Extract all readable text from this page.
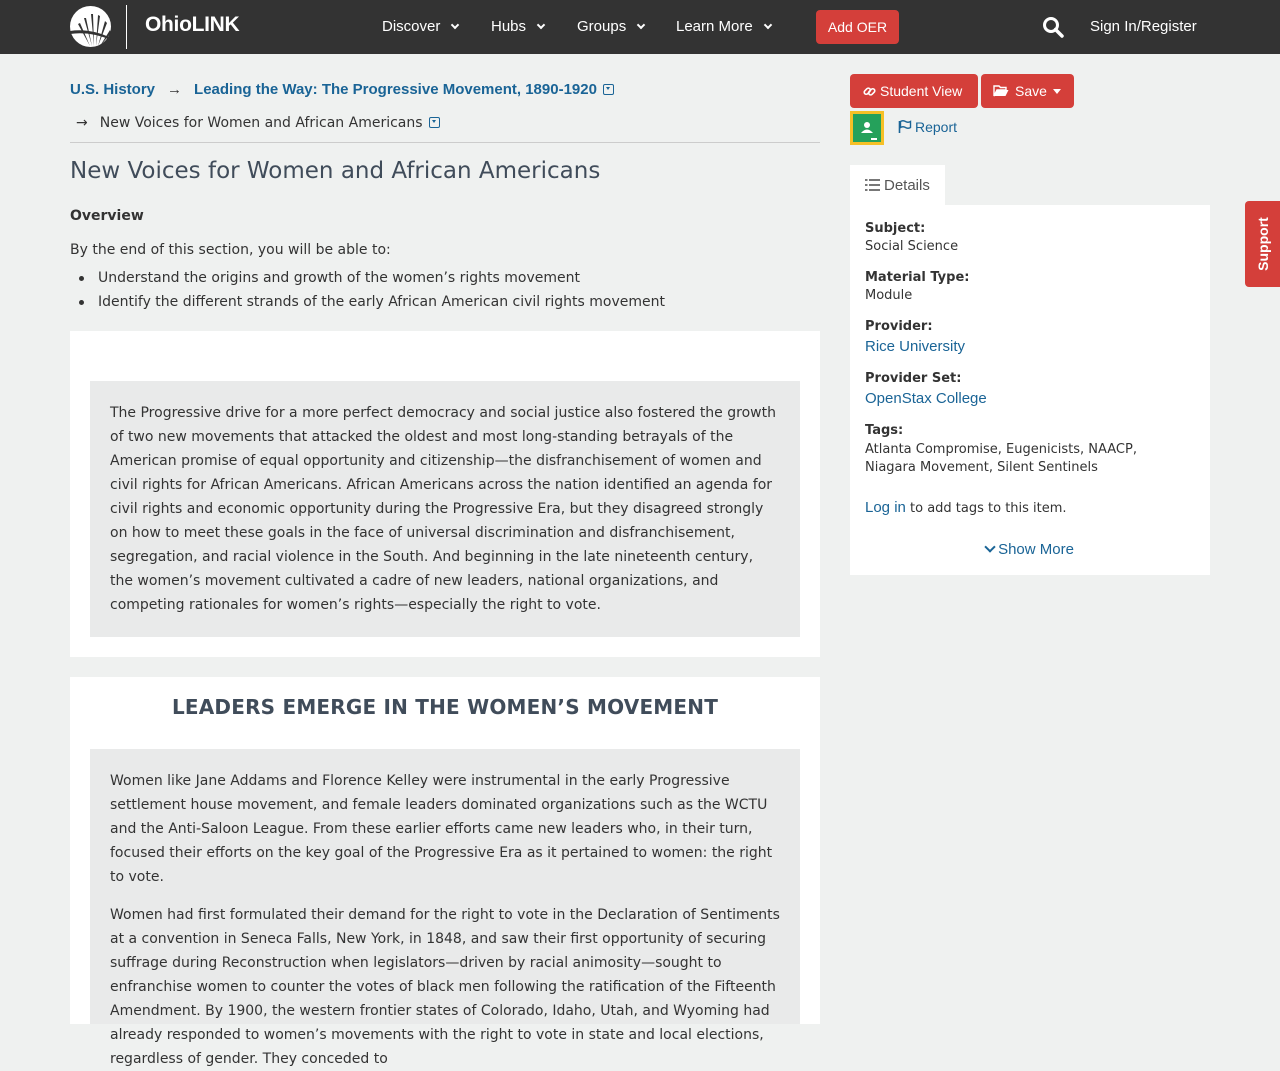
OhioLINK	Discover	Hubs	Groups	Learn More	Add OER	Sign In/Register
U.S. History → Leading the Way: The Progressive Movement, 1890-1920
→ New Voices for Women and African Americans
New Voices for Women and African Americans
Overview
By the end of this section, you will be able to:
Understand the origins and growth of the women’s rights movement
Identify the different strands of the early African American civil rights movement

The Progressive drive for a more perfect democracy and social justice also fostered the growth of two new movements that attacked the oldest and most long-standing betrayals of the American promise of equal opportunity and citizenship—the disfranchisement of women and civil rights for African Americans. African Americans across the nation identified an agenda for civil rights and economic opportunity during the Progressive Era, but they disagreed strongly on how to meet these goals in the face of universal discrimination and disfranchisement, segregation, and racial violence in the South. And beginning in the late nineteenth century, the women’s movement cultivated a cadre of new leaders, national organizations, and competing rationales for women’s rights—especially the right to vote.

LEADERS EMERGE IN THE WOMEN’S MOVEMENT

Women like Jane Addams and Florence Kelley were instrumental in the early Progressive settlement house movement, and female leaders dominated organizations such as the WCTU and the Anti-Saloon League. From these earlier efforts came new leaders who, in their turn, focused their efforts on the key goal of the Progressive Era as it pertained to women: the right to vote.

Women had first formulated their demand for the right to vote in the Declaration of Sentiments at a convention in Seneca Falls, New York, in 1848, and saw their first opportunity of securing suffrage during Reconstruction when legislators—driven by racial animosity—sought to enfranchise women to counter the votes of black men following the ratification of the Fifteenth Amendment. By 1900, the western frontier states of Colorado, Idaho, Utah, and Wyoming had already responded to women’s movements with the right to vote in state and local elections, regardless of gender. They conceded to

Student View	Save
Report
Details
Subject:
Social Science
Material Type:
Module
Provider:
Rice University
Provider Set:
OpenStax College
Tags:
Atlanta Compromise, Eugenicists, NAACP, Niagara Movement, Silent Sentinels
Log in to add tags to this item.
Show More
Support
